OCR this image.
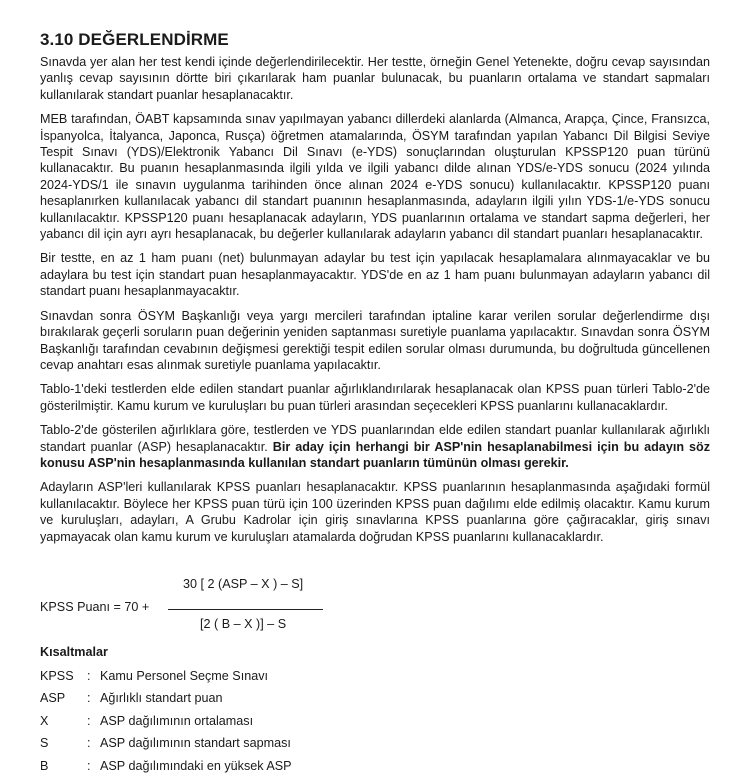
3.10 DEĞERLENDİRME

Sınavda yer alan her test kendi içinde değerlendirilecektir. Her testte, örneğin Genel Yetenekte, doğru cevap sayısından yanlış cevap sayısının dörtte biri çıkarılarak ham puanlar bulunacak, bu puanların ortalama ve standart sapmaları kullanılarak standart puanlar hesaplanacaktır.

MEB tarafından, ÖABT kapsamında sınav yapılmayan yabancı dillerdeki alanlarda (Almanca, Arapça, Çince, Fransızca, İspanyolca, İtalyanca, Japonca, Rusça) öğretmen atamalarında, ÖSYM tarafından yapılan Yabancı Dil Bilgisi Seviye Tespit Sınavı (YDS)/Elektronik Yabancı Dil Sınavı (e-YDS) sonuçlarından oluşturulan KPSSP120 puan türünü kullanacaktır. Bu puanın hesaplanmasında ilgili yılda ve ilgili yabancı dilde alınan YDS/e-YDS sonucu (2024 yılında 2024-YDS/1 ile sınavın uygulanma tarihinden önce alınan 2024 e-YDS sonucu) kullanılacaktır. KPSSP120 puanı hesaplanırken kullanılacak yabancı dil standart puanının hesaplanmasında, adayların ilgili yılın YDS-1/e-YDS sonucu kullanılacaktır. KPSSP120 puanı hesaplanacak adayların, YDS puanlarının ortalama ve standart sapma değerleri, her yabancı dil için ayrı ayrı hesaplanacak, bu değerler kullanılarak adayların yabancı dil standart puanları hesaplanacaktır.

Bir testte, en az 1 ham puanı (net) bulunmayan adaylar bu test için yapılacak hesaplamalara alınmayacaklar ve bu adaylara bu test için standart puan hesaplanmayacaktır. YDS'de en az 1 ham puanı bulunmayan adayların yabancı dil standart puanı hesaplanmayacaktır.

Sınavdan sonra ÖSYM Başkanlığı veya yargı mercileri tarafından iptaline karar verilen sorular değerlendirme dışı bırakılarak geçerli soruların puan değerinin yeniden saptanması suretiyle puanlama yapılacaktır. Sınavdan sonra ÖSYM Başkanlığı tarafından cevabının değişmesi gerektiği tespit edilen sorular olması durumunda, bu doğrultuda güncellenen cevap anahtarı esas alınmak suretiyle puanlama yapılacaktır.

Tablo-1'deki testlerden elde edilen standart puanlar ağırlıklandırılarak hesaplanacak olan KPSS puan türleri Tablo-2'de gösterilmiştir. Kamu kurum ve kuruluşları bu puan türleri arasından seçecekleri KPSS puanlarını kullanacaklardır.

Tablo-2'de gösterilen ağırlıklara göre, testlerden ve YDS puanlarından elde edilen standart puanlar kullanılarak ağırlıklı standart puanlar (ASP) hesaplanacaktır. Bir aday için herhangi bir ASP'nin hesaplanabilmesi için bu adayın söz konusu ASP'nin hesaplanmasında kullanılan standart puanların tümünün olması gerekir.

Adayların ASP'leri kullanılarak KPSS puanları hesaplanacaktır. KPSS puanlarının hesaplanmasında aşağıdaki formül kullanılacaktır. Böylece her KPSS puan türü için 100 üzerinden KPSS puan dağılımı elde edilmiş olacaktır. Kamu kurum ve kuruluşları, adayları, A Grubu Kadrolar için giriş sınavlarına KPSS puanlarına göre çağıracaklar, giriş sınavı yapmayacak olan kamu kurum ve kuruluşları atamalarda doğrudan KPSS puanlarını kullanacaklardır.

KPSS Puanı = 70 +
30 [ 2 (ASP – X ) – S]
[2 ( B – X )] – S
Kısaltmalar
KPSS	: Kamu Personel Seçme Sınavı
ASP	: Ağırlıklı standart puan
X	: ASP dağılımının ortalaması
S	: ASP dağılımının standart sapması
B	: ASP dağılımındaki en yüksek ASP
